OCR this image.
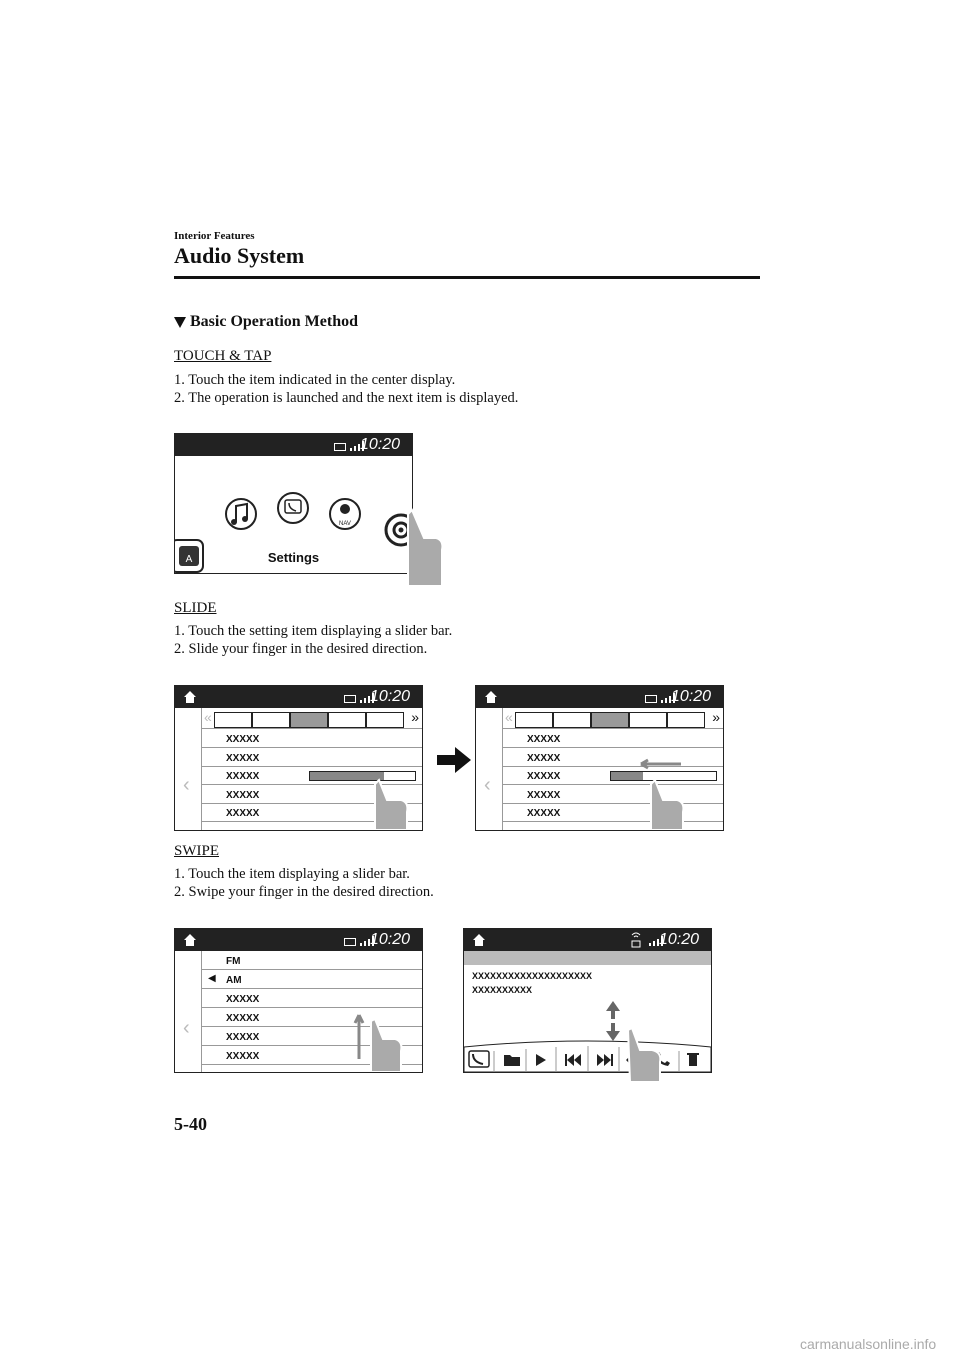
Interior Features
Audio System
Basic Operation Method
TOUCH & TAP
1. Touch the item indicated in the center display.
2. The operation is launched and the next item is displayed.
10:20
A
NAV
Settings
SLIDE
1. Touch the setting item displaying a slider bar.
2. Slide your finger in the desired direction.
10:20
«	»
‹
XXXXX
XXXXX
XXXXX
XXXXX
XXXXX
10:20
«	»
‹
XXXXX
XXXXX
XXXXX
XXXXX
XXXXX
SWIPE
1. Touch the item displaying a slider bar.
2. Swipe your finger in the desired direction.
10:20
‹
FM
◀ AM
XXXXX
XXXXX
XXXXX
XXXXX
10:20
XXXXXXXXXXXXXXXXXXXX
XXXXXXXXXX
5-40
carmanualsonline.info
